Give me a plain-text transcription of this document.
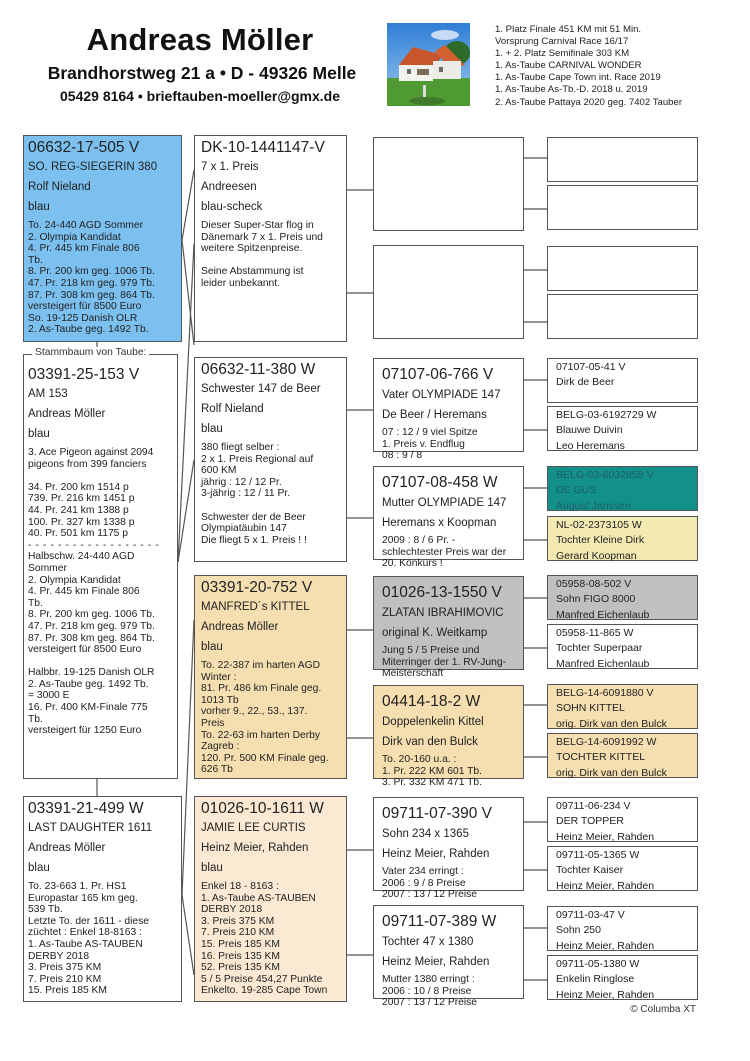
Andreas Möller
Brandhorstweg 21 a • D - 49326 Melle
05429 8164 • brieftauben-moeller@gmx.de
1. Platz Finale 451 KM mit 51 Min.
Vorsprung Carnival Race 16/17
1. + 2. Platz Semifinale 303 KM
1. As-Taube CARNIVAL WONDER
1. As-Taube Cape Town int. Race 2019
1. As-Taube As-Tb.-D. 2018 u. 2019
2. As-Taube Pattaya 2020 geg. 7402 Tauber
06632-17-505 V
SO. REG-SIEGERIN 380
Rolf Nieland
blau
To. 24-440 AGD Sommer
2. Olympia Kandidat
4. Pr. 445 km Finale 806
Tb.
8. Pr. 200 km geg. 1006 Tb.
47. Pr. 218 km geg. 979 Tb.
87. Pr. 308 km geg. 864 Tb.
versteigert für 8500 Euro
So. 19-125 Danish OLR
2. As-Taube geg. 1492 Tb.
Stammbaum von Taube:
03391-25-153 V
AM 153
Andreas Möller
blau
3. Ace Pigeon against 2094
pigeons from 399 fanciers

34. Pr. 200 km 1514 p
739. Pr. 216 km 1451 p
44. Pr. 241 km 1388 p
100. Pr. 327 km 1338 p
40. Pr. 501 km 1175 p
- - - - - - - - - - - - - - - - - -
Halbschw. 24-440 AGD
Sommer
2. Olympia Kandidat
4. Pr. 445 km Finale 806
Tb.
8. Pr. 200 km geg. 1006 Tb.
47. Pr. 218 km geg. 979 Tb.
87. Pr. 308 km geg. 864 Tb.
versteigert für 8500 Euro

Halbbr. 19-125 Danish OLR
2. As-Taube geg. 1492 Tb.
= 3000 E
16. Pr. 400 KM-Finale 775
Tb.
versteigert für 1250 Euro
03391-21-499 W
LAST DAUGHTER 1611
Andreas Möller
blau
To. 23-663 1. Pr. HS1
Europastar 165 km geg.
539 Tb.
Letzte To. der 1611 - diese
züchtet : Enkel 18-8163 :
1. As-Taube AS-TAUBEN
DERBY 2018
3. Preis 375 KM
7. Preis 210 KM
15. Preis 185 KM
DK-10-1441147-V
7 x 1. Preis
Andreesen
blau-scheck
Dieser Super-Star flog in
Dänemark 7 x 1. Preis und
weitere Spitzenpreise.

Seine Abstammung ist
leider unbekannt.
06632-11-380 W
Schwester 147 de Beer
Rolf Nieland
blau
380 fliegt selber :
2 x 1. Preis Regional auf
600 KM
jährig : 12 / 12 Pr.
3-jährig : 12 / 11 Pr.

Schwester der de Beer
Olympiatäubin 147
Die fliegt 5 x 1. Preis ! !
03391-20-752 V
MANFRED´s KITTEL
Andreas Möller
blau
To. 22-387 im harten AGD
Winter :
81. Pr. 486 km Finale geg.
1013 Tb
vorher 9., 22., 53., 137.
Preis
To. 22-63 im harten Derby
Zagreb :
120. Pr. 500 KM Finale geg.
626 Tb
01026-10-1611 W
JAMIE LEE CURTIS
Heinz Meier, Rahden
blau
Enkel 18 - 8163 :
1. As-Taube AS-TAUBEN
DERBY 2018
3. Preis 375 KM
7. Preis 210 KM
15. Preis 185 KM
16. Preis 135 KM
52. Preis 135 KM
5 / 5 Preise 454,27 Punkte
Enkelto. 19-285 Cape Town
07107-06-766 V
Vater OLYMPIADE 147
De Beer / Heremans
07 : 12 / 9 viel Spitze
1. Preis v. Endflug
08 : 9 / 8
07107-08-458 W
Mutter OLYMPIADE 147
Heremans x Koopman
2009 : 8 / 6 Pr. -
schlechtester Preis war der
20. Konkurs !
01026-13-1550 V
ZLATAN IBRAHIMOVIC
original K. Weitkamp
Jung 5 / 5 Preise und
Miterringer der 1. RV-Jung-
Meisterschaft
04414-18-2 W
Doppelenkelin Kittel
Dirk van den Bulck
To. 20-160 u.a. :
1. Pr. 222 KM 601 Tb.
3. Pr. 332 KM 471 Tb.
09711-07-390 V
Sohn 234 x 1365
Heinz Meier, Rahden
Vater 234 erringt :
2006 : 9 / 8 Preise
2007 : 13 / 12 Preise
09711-07-389 W
Tochter 47 x 1380
Heinz Meier, Rahden
Mutter 1380 erringt :
2006 : 10 / 8 Preise
2007 : 13 / 12 Preise
07107-05-41 V
Dirk de Beer
BELG-03-6192729 W
Blauwe Duivin
Leo Heremans
BELG-03-6032858 V
DE GUS
August Janssen
NL-02-2373105 W
Tochter Kleine Dirk
Gerard Koopman
05958-08-502 V
Sohn FIGO 8000
Manfred Eichenlaub
05958-11-865 W
Tochter Superpaar
Manfred Eichenlaub
BELG-14-6091880 V
SOHN KITTEL
orig. Dirk van den Bulck
BELG-14-6091992 W
TOCHTER KITTEL
orig. Dirk van den Bulck
09711-06-234 V
DER TOPPER
Heinz Meier, Rahden
09711-05-1365 W
Tochter Kaiser
Heinz Meier, Rahden
09711-03-47 V
Sohn 250
Heinz Meier, Rahden
09711-05-1380 W
Enkelin Ringlose
Heinz Meier, Rahden
© Columba XT
